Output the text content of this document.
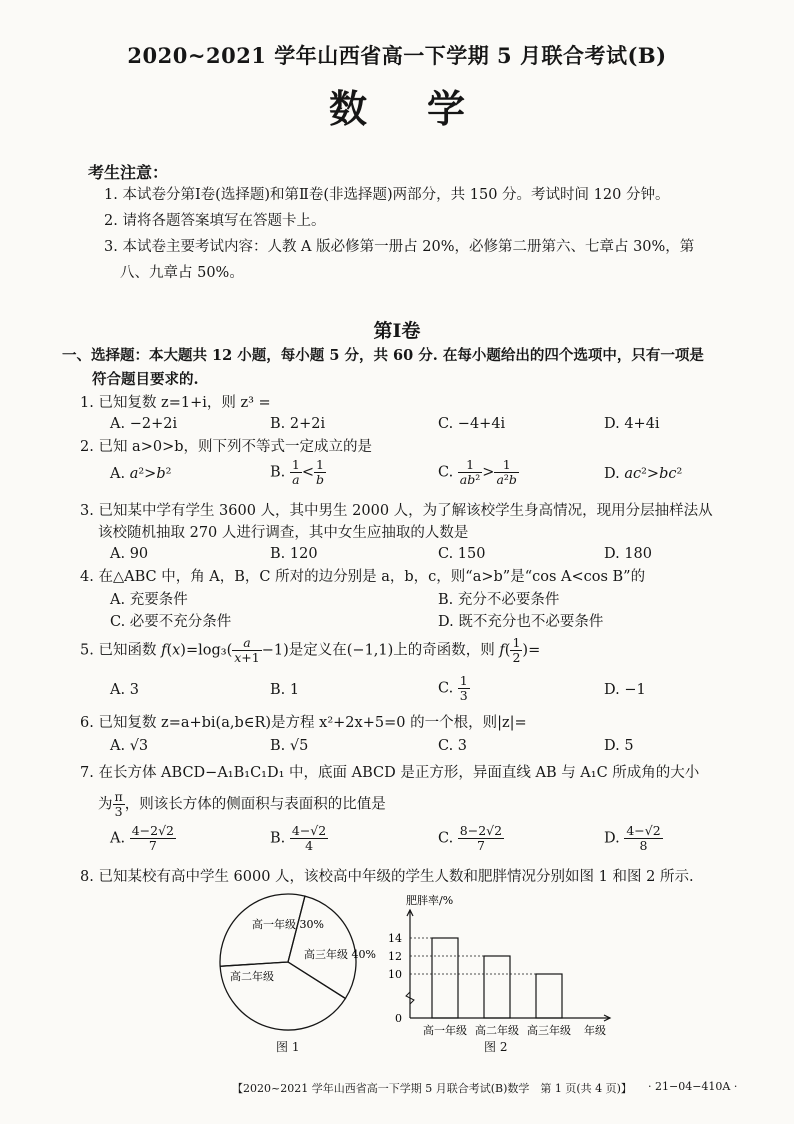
2020~2021 学年山西省高一下学期 5 月联合考试(B)
数学
考生注意：
1. 本试卷分第Ⅰ卷(选择题)和第Ⅱ卷(非选择题)两部分，共 150 分。考试时间 120 分钟。
2. 请将各题答案填写在答题卡上。
3. 本试卷主要考试内容：人教 A 版必修第一册占 20%，必修第二册第六、七章占 30%，第
八、九章占 50%。
第Ⅰ卷
一、选择题：本大题共 12 小题，每小题 5 分，共 60 分. 在每小题给出的四个选项中，只有一项是
符合题目要求的.
1. 已知复数 z=1+i，则 z³ =
A. −2+2i	B. 2+2i	C. −4+4i	D. 4+4i
2. 已知 a>0>b，则下列不等式一定成立的是
A. a²>b²	B. $\frac{1}{a} < \frac{1}{b}$	C. $\frac{1}{\text{ab²}} > \frac{1}{\text{a²b}}$	D. ac²>bc²
3. 已知某中学有学生 3600 人，其中男生 2000 人，为了解该校学生身高情况，现用分层抽样法从
该校随机抽取 270 人进行调查，其中女生应抽取的人数是
A. 90	B. 120	C. 150	D. 180
4. 在△ABC 中，角 A，B，C 所对的边分别是 a，b，c，则“a>b”是“cos A<cos B”的
A. 充要条件	B. 充分不必要条件
C. 必要不充分条件	D. 既不充分也不必要条件
5. 已知函数 $f(x)=\log_3( \frac{a}{x+1} -1)$是定义在(−1,1)上的奇函数，则 $f( \frac{1}{2}$ )=
A. 3	B. 1	C. $\frac{1}{3}$	D. −1
6. 已知复数 z=a+bi(a,b∈R)是方程 x²+2x+5=0 的一个根，则|z|=
A. √3	B. √5	C. 3	D. 5
7. 在长方体 ABCD−A₁B₁C₁D₁ 中，底面 ABCD 是正方形，异面直线 AB 与 A₁C 所成角的大小
为 $\frac{\pi}{3}$ ，则该长方体的侧面积与表面积的比值是
A. $\frac{4-2√2}{7}$	B. $\frac{4-√2}{4}$	C. $\frac{8-2√2}{7}$	D. $\frac{4-√2}{8}$
8. 已知某校有高中学生 6000 人，该校高中年级的学生人数和肥胖情况分别如图 1 和图 2 所示.
高一年级 30%
高三年级 40%
高二年级
图 1
肥胖率/%
年级
0
10
12
14
高一年级 高二年级 高三年级
图 2
【2020~2021 学年山西省高一下学期 5 月联合考试(B)数学　第 1 页(共 4 页)】 · 21−04−410A ·
